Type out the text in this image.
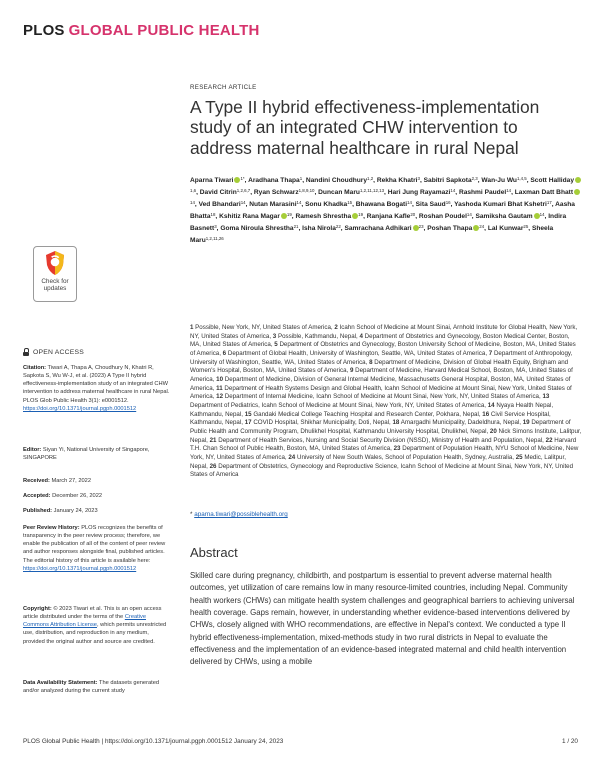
PLOS GLOBAL PUBLIC HEALTH
Check for
updates
OPEN ACCESS

Citation: Tiwari A, Thapa A, Choudhury N, Khatri R, Sapkota S, Wu W-J, et al. (2023) A Type II hybrid effectiveness-implementation study of an integrated CHW intervention to address maternal healthcare in rural Nepal. PLOS Glob Public Health 3(1): e0001512. https://doi.org/10.1371/journal.pgph.0001512

Editor: Siyan Yi, National University of Singapore, SINGAPORE

Received: March 27, 2022

Accepted: December 26, 2022

Published: January 24, 2023

Peer Review History: PLOS recognizes the benefits of transparency in the peer review process; therefore, we enable the publication of all of the content of peer review and author responses alongside final, published articles. The editorial history of this article is available here: https://doi.org/10.1371/journal.pgph.0001512

Copyright: © 2023 Tiwari et al. This is an open access article distributed under the terms of the Creative Commons Attribution License, which permits unrestricted use, distribution, and reproduction in any medium, provided the original author and source are credited.

Data Availability Statement: The datasets generated and/or analyzed during the current study

RESEARCH ARTICLE
A Type II hybrid effectiveness-implementation study of an integrated CHW intervention to address maternal healthcare in rural Nepal

Aparna Tiwari $^{1*}$, Aradhana Thapa$^1$, Nandini Choudhury$^{1,2}$, Rekha Khatri$^3$, Sabitri Sapkota$^{2,3}$, Wan-Ju Wu$^{1,4,5}$, Scott Halliday$^{1,6}$, David Citrin$^{1,2,6,7}$, Ryan Schwarz$^{1,8,9,10}$, Duncan Maru$^{1,2,11,12,13}$, Hari Jung Rayamazi$^{14}$, Rashmi Paudel$^{14}$, Laxman Datt Bhatt$^{14}$, Ved Bhandari$^{14}$, Nutan Marasini$^{14}$, Sonu Khadka$^{15}$, Bhawana Bogati$^{14}$, Sita Saud$^{16}$, Yashoda Kumari Bhat Kshetri$^{17}$, Aasha Bhatta$^{18}$, Kshitiz Rana Magar $^{19}$, Ramesh Shrestha $^{19}$, Ranjana Kafle$^{20}$, Roshan Poudel$^{14}$, Samiksha Gautam $^{14}$, Indira Basnett$^3$, Goma Niroula Shrestha$^{21}$, Isha Nirola$^{22}$, Samrachana Adhikari $^{23}$, Poshan Thapa $^{24}$, Lal Kunwar$^{25}$, Sheela Maru$^{1,2,11,26}$

1 Possible, New York, NY, United States of America, 2 Icahn School of Medicine at Mount Sinai, Arnhold Institute for Global Health, New York, NY, United States of America, 3 Possible, Kathmandu, Nepal, 4 Department of Obstetrics and Gynecology, Boston Medical Center, Boston, MA, United States of America, 5 Department of Obstetrics and Gynecology, Boston University School of Medicine, Boston, MA, United States of America, 6 Department of Global Health, University of Washington, Seattle, WA, United States of America, 7 Department of Anthropology, University of Washington, Seattle, WA, United States of America, 8 Department of Medicine, Division of Global Health Equity, Brigham and Women's Hospital, Boston, MA, United States of America, 9 Department of Medicine, Harvard Medical School, Boston, MA, United States of America, 10 Department of Medicine, Division of General Internal Medicine, Massachusetts General Hospital, Boston, MA, United States of America, 11 Department of Health Systems Design and Global Health, Icahn School of Medicine at Mount Sinai, New York, United States of America, 12 Department of Internal Medicine, Icahn School of Medicine at Mount Sinai, New York, NY, United States of America, 13 Department of Pediatrics, Icahn School of Medicine at Mount Sinai, New York, NY, United States of America, 14 Nyaya Health Nepal, Kathmandu, Nepal, 15 Gandaki Medical College Teaching Hospital and Research Center, Pokhara, Nepal, 16 Civil Service Hospital, Kathmandu, Nepal, 17 COVID Hospital, Shikhar Municipality, Doti, Nepal, 18 Amargadhi Municipality, Dadeldhura, Nepal, 19 Department of Public Health and Community Program, Dhulikhel Hospital, Kathmandu University Hospital, Dhulikhel, Nepal, 20 Nick Simons Institute, Lalitpur, Nepal, 21 Department of Health Services, Nursing and Social Security Division (NSSD), Ministry of Health and Population, Nepal, 22 Harvard T.H. Chan School of Public Health, Boston, MA, United States of America, 23 Department of Population Health, NYU School of Medicine, New York, NY, United States of America, 24 University of New South Wales, School of Population Health, Sydney, Australia, 25 Medic, Lalitpur, Nepal, 26 Department of Obstetrics, Gynecology and Reproductive Science, Icahn School of Medicine at Mount Sinai, New York, NY, United States of America

* aparna.tiwari@possiblehealth.org
Abstract

Skilled care during pregnancy, childbirth, and postpartum is essential to prevent adverse maternal health outcomes, yet utilization of care remains low in many resource-limited countries, including Nepal. Community health workers (CHWs) can mitigate health system challenges and geographical barriers to achieving universal health coverage. Gaps remain, however, in understanding whether evidence-based interventions delivered by CHWs, closely aligned with WHO recommendations, are effective in Nepal's context. We conducted a type II hybrid effectiveness-implementation, mixed-methods study in two rural districts in Nepal to evaluate the effectiveness and the implementation of an evidence-based integrated maternal and child health intervention delivered by CHWs, using a mobile

PLOS Global Public Health | https://doi.org/10.1371/journal.pgph.0001512 January 24, 2023	1 / 20
